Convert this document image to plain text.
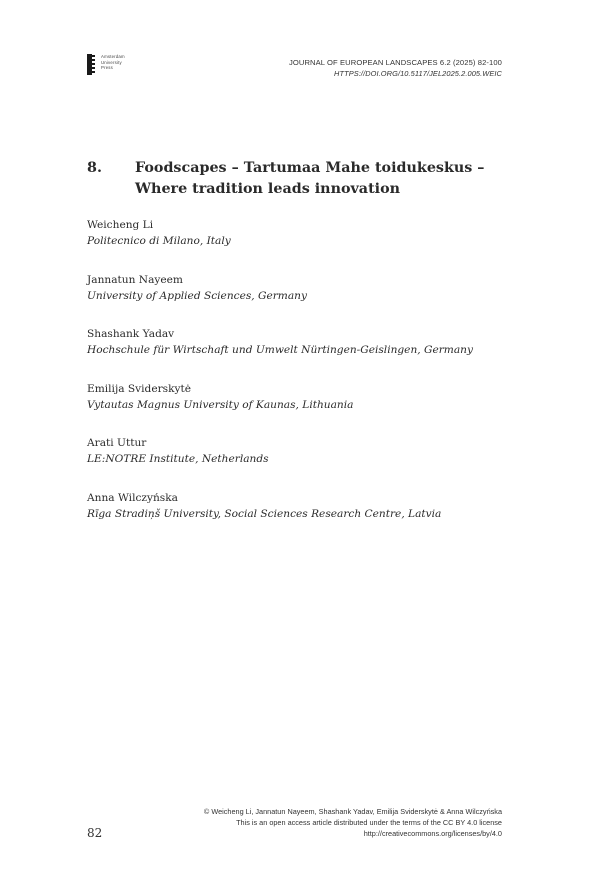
Amsterdam
University
Press
JOURNAL OF EUROPEAN LANDSCAPES 6.2 (2025) 82-100
HTTPS://DOI.ORG/10.5117/JEL2025.2.005.WEIC
8. Foodscapes – Tartumaa Mahe toidukeskus –
Where tradition leads innovation
Weicheng Li
Politecnico di Milano, Italy
Jannatun Nayeem
University of Applied Sciences, Germany
Shashank Yadav
Hochschule für Wirtschaft und Umwelt Nürtingen-Geislingen, Germany
Emilija Sviderskytė
Vytautas Magnus University of Kaunas, Lithuania
Arati Uttur
LE:NOTRE Institute, Netherlands
Anna Wilczyńska
Rīga Stradiņš University, Social Sciences Research Centre, Latvia
82
© Weicheng Li, Jannatun Nayeem, Shashank Yadav, Emilija Sviderskytė & Anna Wilczyńska
This is an open access article distributed under the terms of the CC BY 4.0 license
http://creativecommons.org/licenses/by/4.0
